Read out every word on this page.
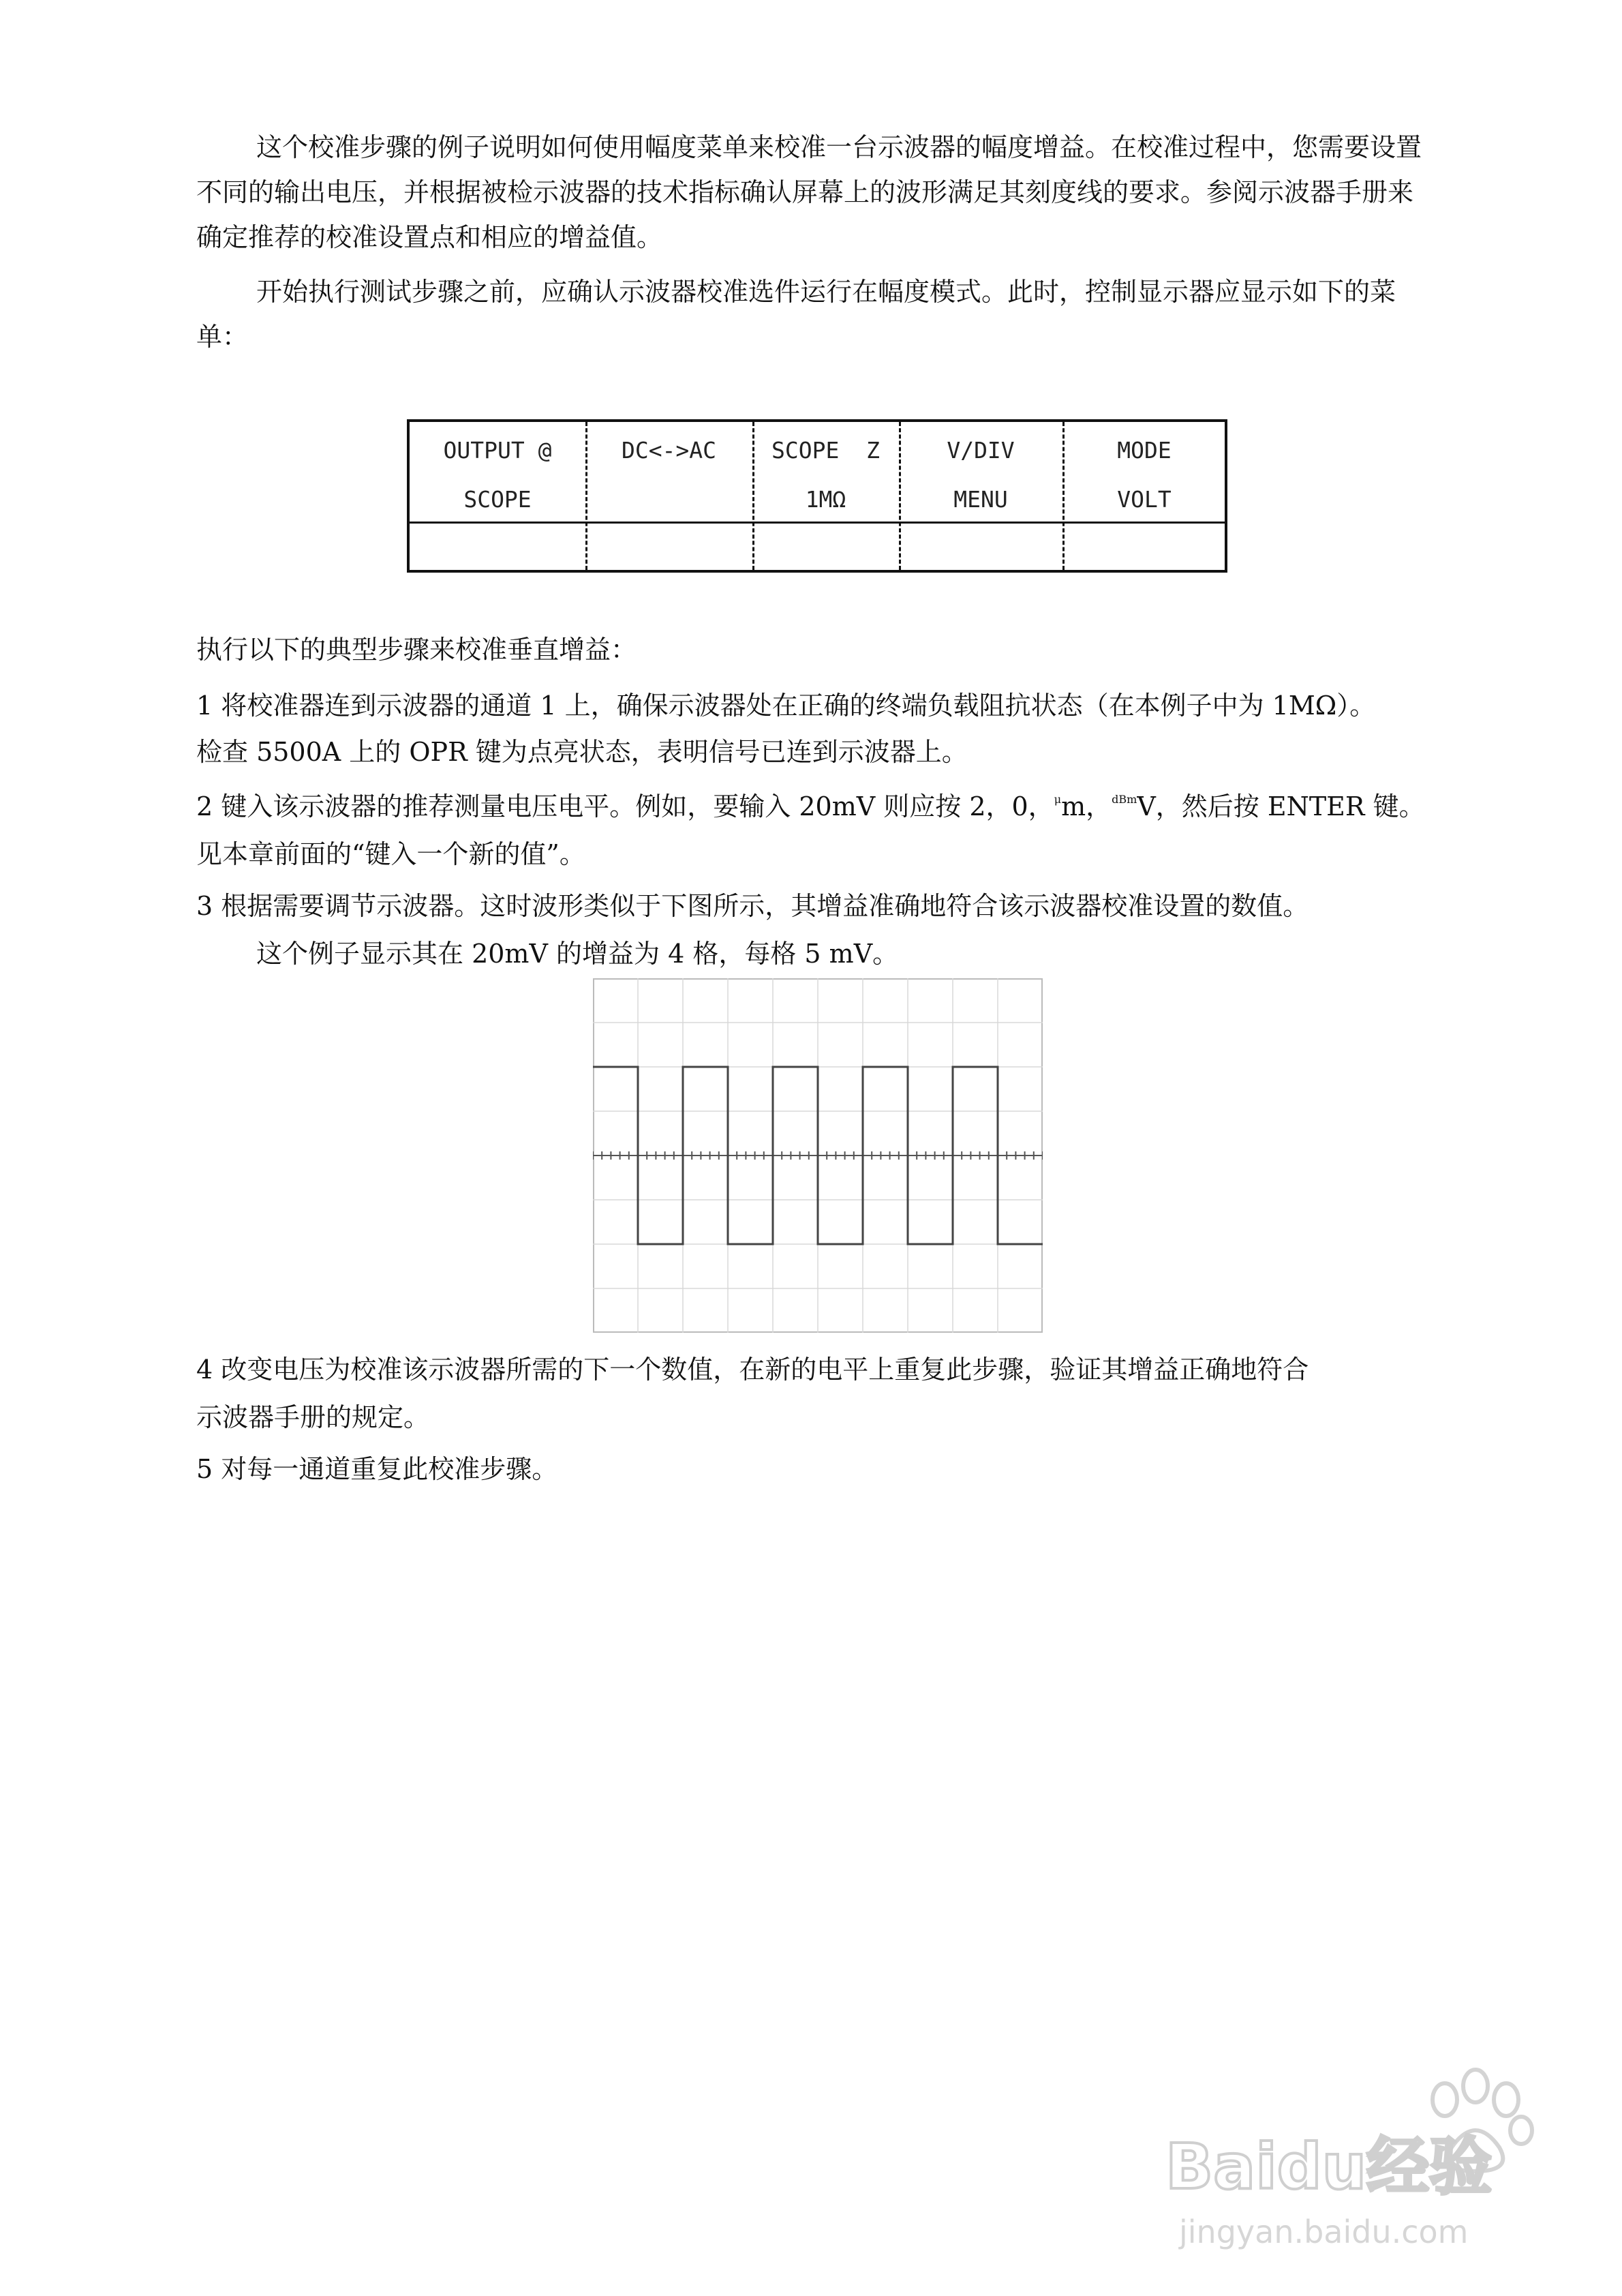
这个校准步骤的例子说明如何使用幅度菜单来校准一台示波器的幅度增益。在校准过程中，您需要设置不同的输出电压，并根据被检示波器的技术指标确认屏幕上的波形满足其刻度线的要求。参阅示波器手册来确定推荐的校准设置点和相应的增益值。

开始执行测试步骤之前，应确认示波器校准选件运行在幅度模式。此时，控制显示器应显示如下的菜单：

OUTPUT @
SCOPE
DC<->AC	SCOPE  Z
1MΩ
V/DIV
MENU
MODE
VOLT
执行以下的典型步骤来校准垂直增益：
1 将校准器连到示波器的通道 1 上，确保示波器处在正确的终端负载阻抗状态（在本例子中为 1MΩ）。
检查 5500A 上的 OPR 键为点亮状态，表明信号已连到示波器上。
2 键入该示波器的推荐测量电压电平。例如，要输入 20mV 则应按 2，0，$^\mu$m，$^{dBm}$V，然后按 ENTER 键。
见本章前面的“键入一个新的值”。
3 根据需要调节示波器。这时波形类似于下图所示，其增益准确地符合该示波器校准设置的数值。
这个例子显示其在 20mV 的增益为 4 格，每格 5 mV。
4 改变电压为校准该示波器所需的下一个数值，在新的电平上重复此步骤，验证其增益正确地符合
示波器手册的规定。
5 对每一通道重复此校准步骤。
Baidu经验
jingyan.baidu.com
